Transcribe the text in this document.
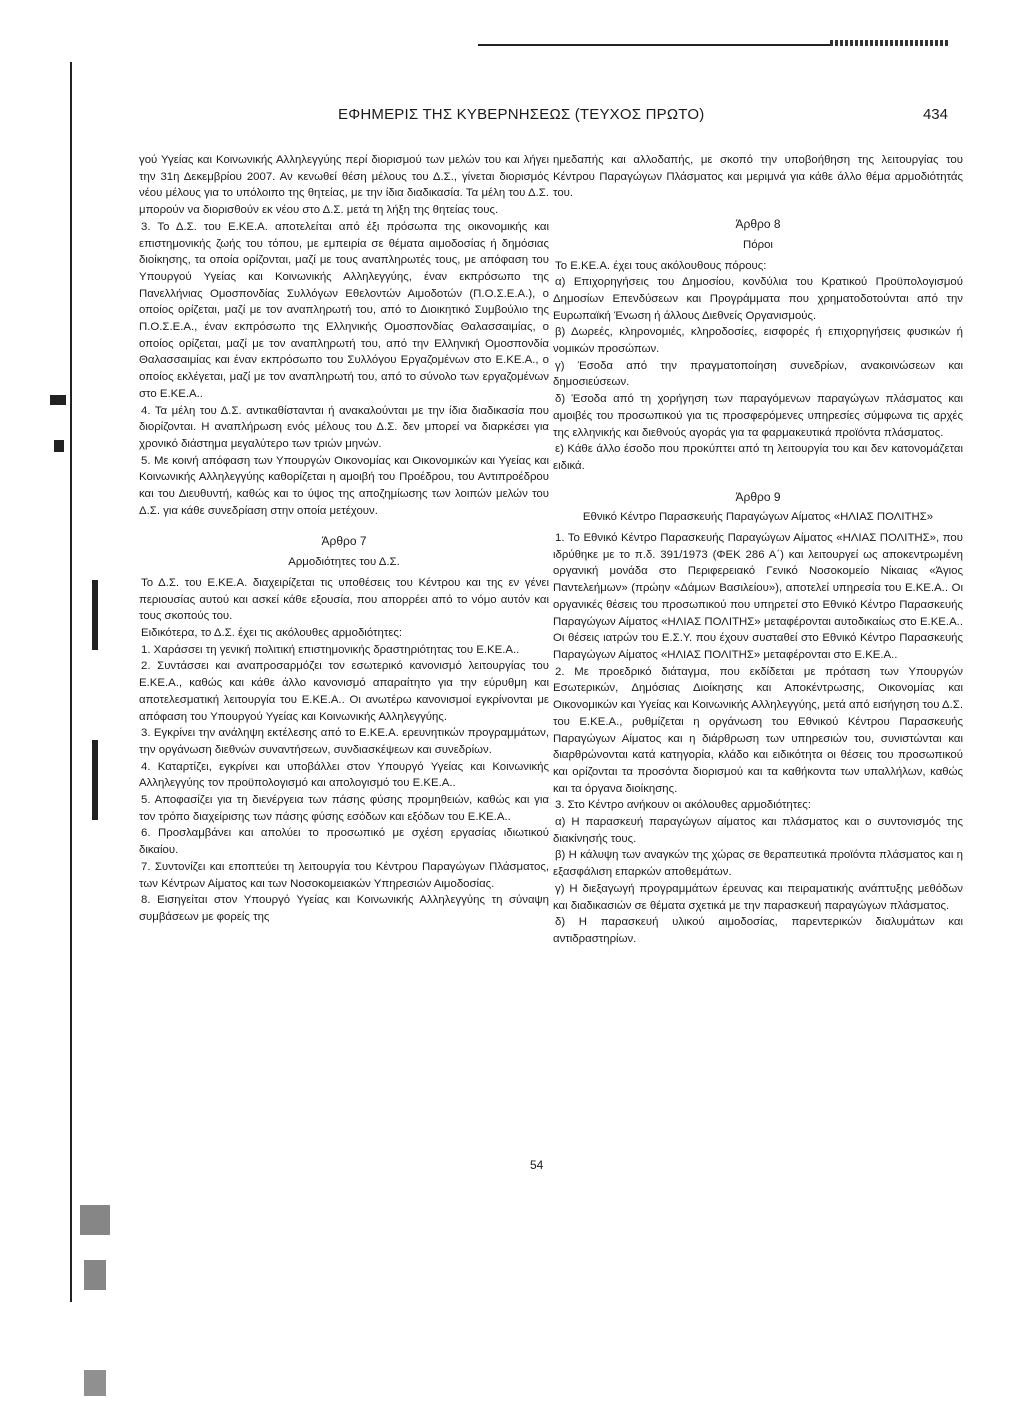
ΕΦΗΜΕΡΙΣ ΤΗΣ ΚΥΒΕΡΝΗΣΕΩΣ (ΤΕΥΧΟΣ ΠΡΩΤΟ)	434

γού Υγείας και Κοινωνικής Αλληλεγγύης περί διορισμού των μελών του και λήγει την 31η Δεκεμβρίου 2007. Αν κενωθεί θέση μέλους του Δ.Σ., γίνεται διορισμός νέου μέλους για το υπόλοιπο της θητείας, με την ίδια διαδικασία. Τα μέλη του Δ.Σ. μπορούν να διορισθούν εκ νέου στο Δ.Σ. μετά τη λήξη της θητείας τους.

3. Το Δ.Σ. του Ε.ΚΕ.Α. αποτελείται από έξι πρόσωπα της οικονομικής και επιστημονικής ζωής του τόπου, με εμπειρία σε θέματα αιμοδοσίας ή δημόσιας διοίκησης, τα οποία ορίζονται, μαζί με τους αναπληρωτές τους, με απόφαση του Υπουργού Υγείας και Κοινωνικής Αλληλεγγύης, έναν εκπρόσωπο της Πανελλήνιας Ομοσπονδίας Συλλόγων Εθελοντών Αιμοδοτών (Π.Ο.Σ.Ε.Α.), ο οποίος ορίζεται, μαζί με τον αναπληρωτή του, από το Διοικητικό Συμβούλιο της Π.Ο.Σ.Ε.Α., έναν εκπρόσωπο της Ελληνικής Ομοσπονδίας Θαλασσαιμίας, ο οποίος ορίζεται, μαζί με τον αναπληρωτή του, από την Ελληνική Ομοσπονδία Θαλασσαιμίας και έναν εκπρόσωπο του Συλλόγου Εργαζομένων στο Ε.ΚΕ.Α., ο οποίος εκλέγεται, μαζί με τον αναπληρωτή του, από το σύνολο των εργαζομένων στο Ε.ΚΕ.Α..

4. Τα μέλη του Δ.Σ. αντικαθίστανται ή ανακαλούνται με την ίδια διαδικασία που διορίζονται. Η αναπλήρωση ενός μέλους του Δ.Σ. δεν μπορεί να διαρκέσει για χρονικό διάστημα μεγαλύτερο των τριών μηνών.

5. Με κοινή απόφαση των Υπουργών Οικονομίας και Οικονομικών και Υγείας και Κοινωνικής Αλληλεγγύης καθορίζεται η αμοιβή του Προέδρου, του Αντιπροέδρου και του Διευθυντή, καθώς και το ύψος της αποζημίωσης των λοιπών μελών του Δ.Σ. για κάθε συνεδρίαση στην οποία μετέχουν.

Άρθρο 7

Αρμοδιότητες του Δ.Σ.

Το Δ.Σ. του Ε.ΚΕ.Α. διαχειρίζεται τις υποθέσεις του Κέντρου και της εν γένει περιουσίας αυτού και ασκεί κάθε εξουσία, που απορρέει από το νόμο αυτόν και τους σκοπούς του.

Ειδικότερα, το Δ.Σ. έχει τις ακόλουθες αρμοδιότητες:

1. Χαράσσει τη γενική πολιτική επιστημονικής δραστηριότητας του Ε.ΚΕ.Α..

2. Συντάσσει και αναπροσαρμόζει τον εσωτερικό κανονισμό λειτουργίας του Ε.ΚΕ.Α., καθώς και κάθε άλλο κανονισμό απαραίτητο για την εύρυθμη και αποτελεσματική λειτουργία του Ε.ΚΕ.Α.. Οι ανωτέρω κανονισμοί εγκρίνονται με απόφαση του Υπουργού Υγείας και Κοινωνικής Αλληλεγγύης.

3. Εγκρίνει την ανάληψη εκτέλεσης από το Ε.ΚΕ.Α. ερευνητικών προγραμμάτων, την οργάνωση διεθνών συναντήσεων, συνδιασκέψεων και συνεδρίων.

4. Καταρτίζει, εγκρίνει και υποβάλλει στον Υπουργό Υγείας και Κοινωνικής Αλληλεγγύης τον προϋπολογισμό και απολογισμό του Ε.ΚΕ.Α..

5. Αποφασίζει για τη διενέργεια των πάσης φύσης προμηθειών, καθώς και για τον τρόπο διαχείρισης των πάσης φύσης εσόδων και εξόδων του Ε.ΚΕ.Α..

6. Προσλαμβάνει και απολύει το προσωπικό με σχέση εργασίας ιδιωτικού δικαίου.

7. Συντονίζει και εποπτεύει τη λειτουργία του Κέντρου Παραγώγων Πλάσματος, των Κέντρων Αίματος και των Νοσοκομειακών Υπηρεσιών Αιμοδοσίας.

8. Εισηγείται στον Υπουργό Υγείας και Κοινωνικής Αλληλεγγύης τη σύναψη συμβάσεων με φορείς της

ημεδαπής και αλλοδαπής, με σκοπό την υποβοήθηση της λειτουργίας του Κέντρου Παραγώγων Πλάσματος και μεριμνά για κάθε άλλο θέμα αρμοδιότητάς του.

Άρθρο 8

Πόροι

Το Ε.ΚΕ.Α. έχει τους ακόλουθους πόρους:

α) Επιχορηγήσεις του Δημοσίου, κονδύλια του Κρατικού Προϋπολογισμού Δημοσίων Επενδύσεων και Προγράμματα που χρηματοδοτούνται από την Ευρωπαϊκή Ένωση ή άλλους Διεθνείς Οργανισμούς.

β) Δωρεές, κληρονομιές, κληροδοσίες, εισφορές ή επιχορηγήσεις φυσικών ή νομικών προσώπων.

γ) Έσοδα από την πραγματοποίηση συνεδρίων, ανακοινώσεων και δημοσιεύσεων.

δ) Έσοδα από τη χορήγηση των παραγόμενων παραγώγων πλάσματος και αμοιβές του προσωπικού για τις προσφερόμενες υπηρεσίες σύμφωνα τις αρχές της ελληνικής και διεθνούς αγοράς για τα φαρμακευτικά προϊόντα πλάσματος.

ε) Κάθε άλλο έσοδο που προκύπτει από τη λειτουργία του και δεν κατονομάζεται ειδικά.

Άρθρο 9

Εθνικό Κέντρο Παρασκευής Παραγώγων Αίματος «ΗΛΙΑΣ ΠΟΛΙΤΗΣ»

1. Το Εθνικό Κέντρο Παρασκευής Παραγώγων Αίματος «ΗΛΙΑΣ ΠΟΛΙΤΗΣ», που ιδρύθηκε με το π.δ. 391/1973 (ΦΕΚ 286 Α΄) και λειτουργεί ως αποκεντρωμένη οργανική μονάδα στο Περιφερειακό Γενικό Νοσοκομείο Νίκαιας «Άγιος Παντελεήμων» (πρώην «Δάμων Βασιλείου»), αποτελεί υπηρεσία του Ε.ΚΕ.Α.. Οι οργανικές θέσεις του προσωπικού που υπηρετεί στο Εθνικό Κέντρο Παρασκευής Παραγώγων Αίματος «ΗΛΙΑΣ ΠΟΛΙΤΗΣ» μεταφέρονται αυτοδικαίως στο Ε.ΚΕ.Α.. Οι θέσεις ιατρών του Ε.Σ.Υ. που έχουν συσταθεί στο Εθνικό Κέντρο Παρασκευής Παραγώγων Αίματος «ΗΛΙΑΣ ΠΟΛΙΤΗΣ» μεταφέρονται στο Ε.ΚΕ.Α..

2. Με προεδρικό διάταγμα, που εκδίδεται με πρόταση των Υπουργών Εσωτερικών, Δημόσιας Διοίκησης και Αποκέντρωσης, Οικονομίας και Οικονομικών και Υγείας και Κοινωνικής Αλληλεγγύης, μετά από εισήγηση του Δ.Σ. του Ε.ΚΕ.Α., ρυθμίζεται η οργάνωση του Εθνικού Κέντρου Παρασκευής Παραγώγων Αίματος και η διάρθρωση των υπηρεσιών του, συνιστώνται και διαρθρώνονται κατά κατηγορία, κλάδο και ειδικότητα οι θέσεις του προσωπικού και ορίζονται τα προσόντα διορισμού και τα καθήκοντα των υπαλλήλων, καθώς και τα όργανα διοίκησης.

3. Στο Κέντρο ανήκουν οι ακόλουθες αρμοδιότητες:

α) Η παρασκευή παραγώγων αίματος και πλάσματος και ο συντονισμός της διακίνησής τους.

β) Η κάλυψη των αναγκών της χώρας σε θεραπευτικά προϊόντα πλάσματος και η εξασφάλιση επαρκών αποθεμάτων.

γ) Η διεξαγωγή προγραμμάτων έρευνας και πειραματικής ανάπτυξης μεθόδων και διαδικασιών σε θέματα σχετικά με την παρασκευή παραγώγων πλάσματος.

δ) Η παρασκευή υλικού αιμοδοσίας, παρεντερικών διαλυμάτων και αντιδραστηρίων.

54
